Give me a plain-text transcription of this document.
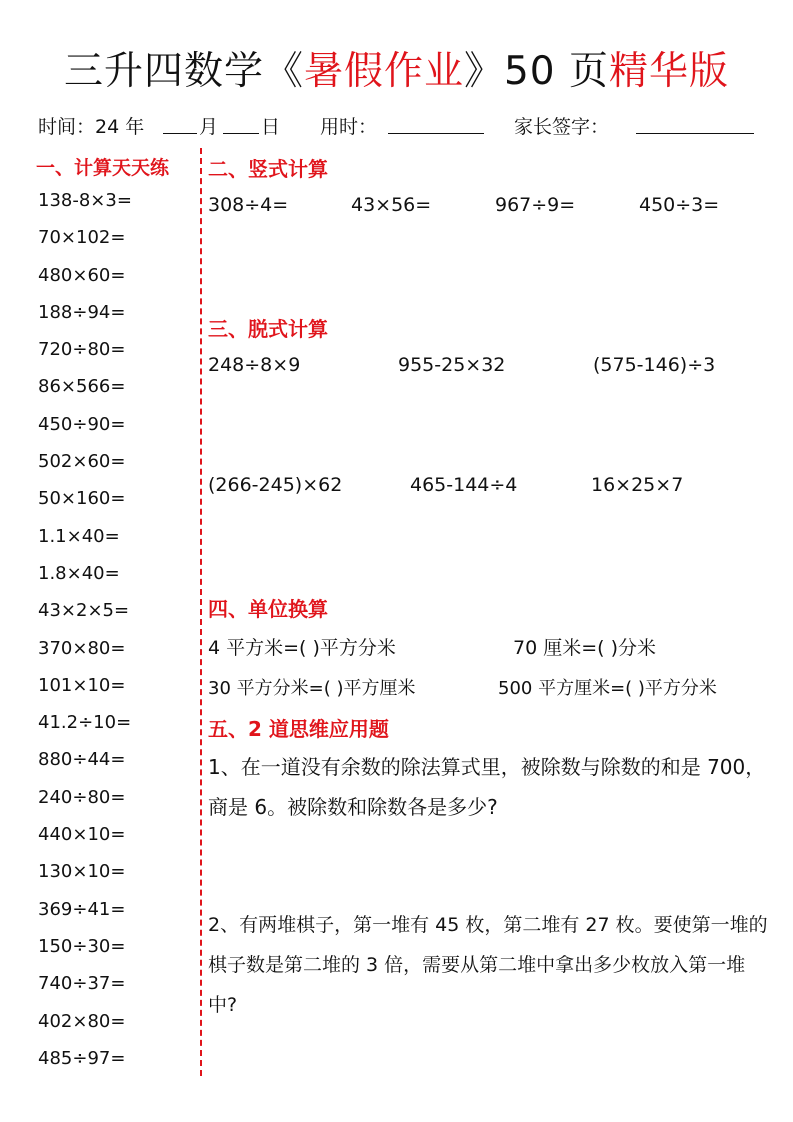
三升四数学《暑假作业》50 页精华版
时间：24 年	月 日 用时：	家长签字：
一、计算天天练
138-8×3=
70×102=
480×60=
188÷94=
720÷80=
86×566=
450÷90=
502×60=
50×160=
1.1×40=
1.8×40=
43×2×5=
370×80=
101×10=
41.2÷10=
880÷44=
240÷80=
440×10=
130×10=
369÷41=
150÷30=
740÷37=
402×80=
485÷97=
二、竖式计算
308÷4=	43×56=	967÷9=	450÷3=
三、脱式计算
248÷8×9	955-25×32	(575-146)÷3
(266-245)×62	465-144÷4	16×25×7
四、单位换算
4 平方米=( )平方分米	70 厘米=( )分米
30 平方分米=( )平方厘米	500 平方厘米=( )平方分米
五、2 道思维应用题
1、在一道没有余数的除法算式里，被除数与除数的和是 700，商是 6。被除数和除数各是多少?
2、有两堆棋子，第一堆有 45 枚，第二堆有 27 枚。要使第一堆的棋子数是第二堆的 3 倍，需要从第二堆中拿出多少枚放入第一堆中?
